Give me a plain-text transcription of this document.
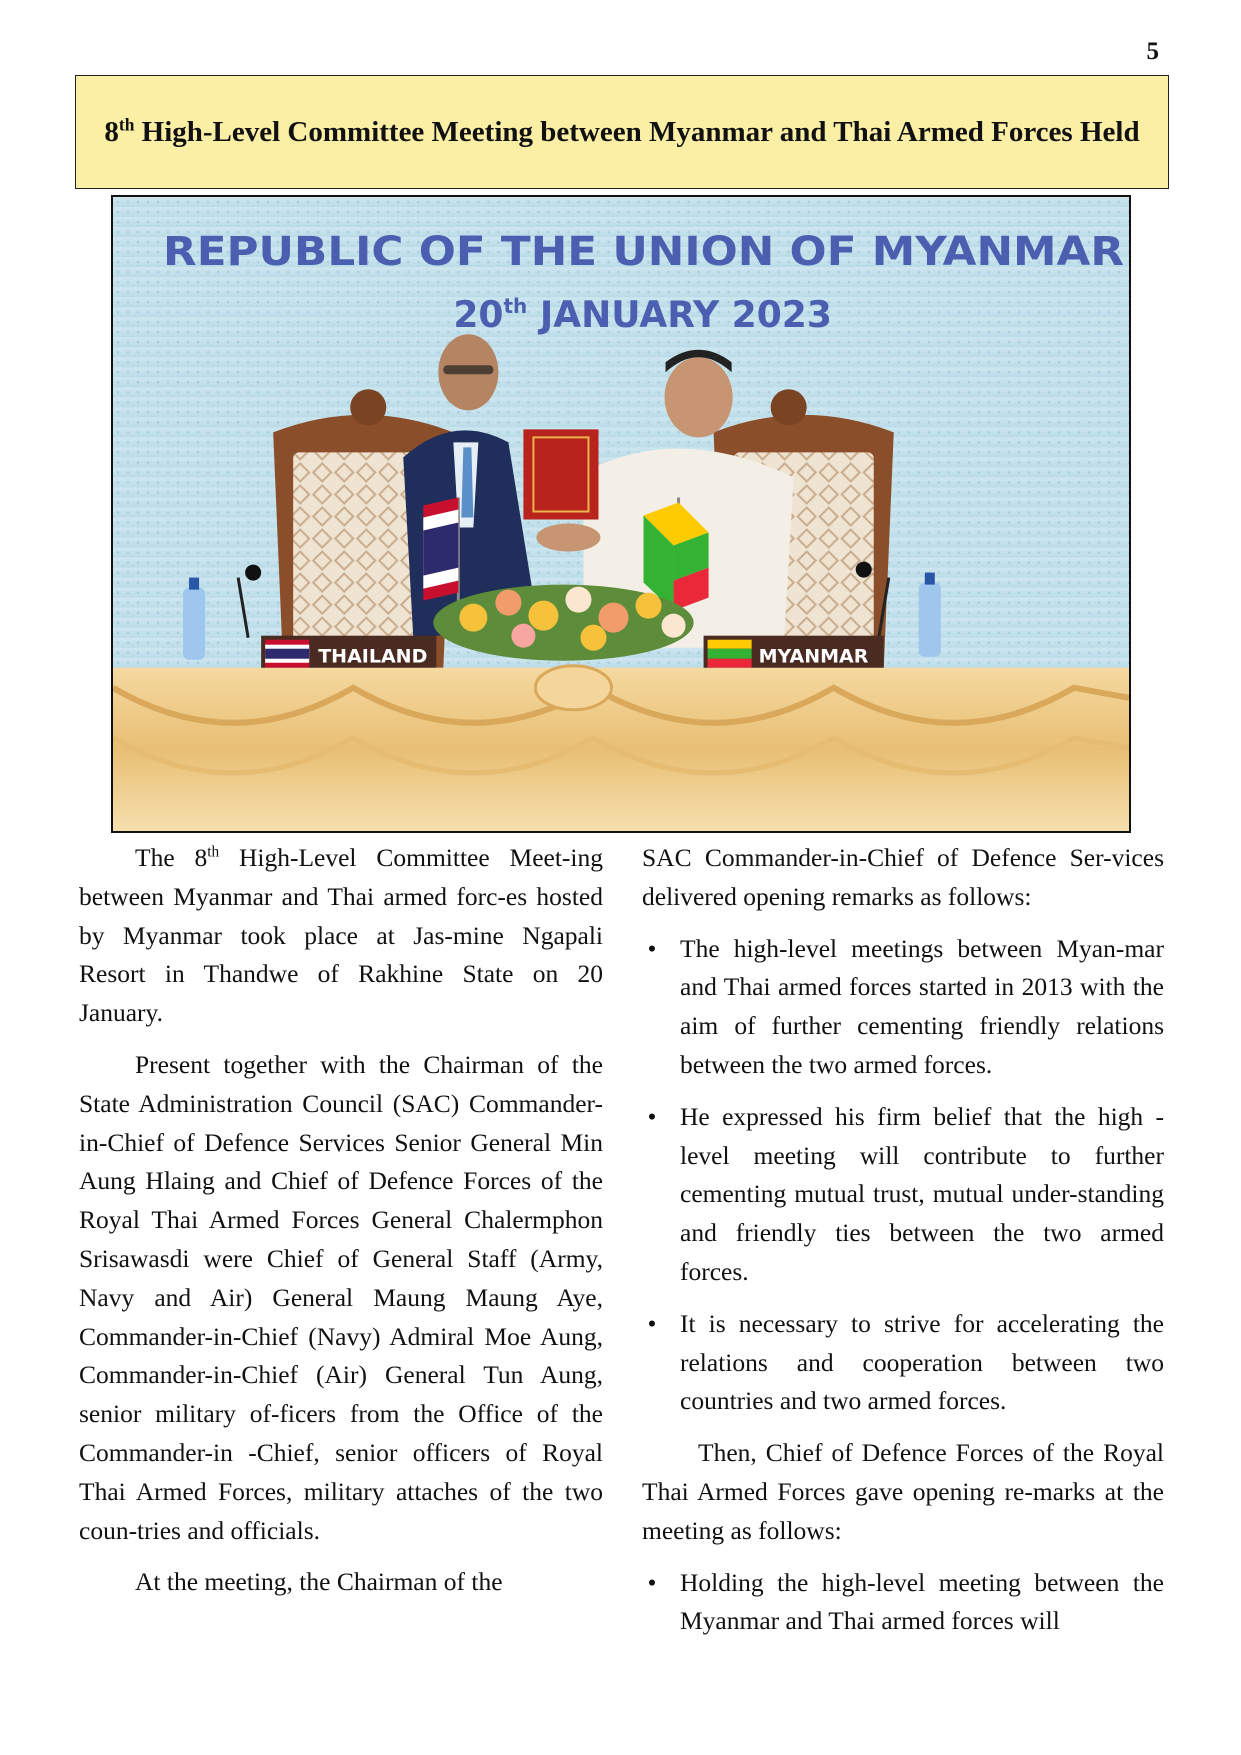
5
8th High-Level Committee Meeting between Myanmar and Thai Armed Forces Held
REPUBLIC OF THE UNION OF MYANMAR
20th JANUARY 2023
THAILAND	MYANMAR

The 8th High-Level Committee Meet-ing between Myanmar and Thai armed forc-es hosted by Myanmar took place at Jas-mine Ngapali Resort in Thandwe of Rakhine State on 20 January.

Present together with the Chairman of the State Administration Council (SAC) Commander-in-Chief of Defence Services Senior General Min Aung Hlaing and Chief of Defence Forces of the Royal Thai Armed Forces General Chalermphon Srisawasdi were Chief of General Staff (Army, Navy and Air) General Maung Maung Aye, Commander-in-Chief (Navy) Admiral Moe Aung, Commander-in-Chief (Air) General Tun Aung, senior military of-ficers from the Office of the Commander-in -Chief, senior officers of Royal Thai Armed Forces, military attaches of the two coun-tries and officials.

At the meeting, the Chairman of the

SAC Commander-in-Chief of Defence Ser-vices delivered opening remarks as follows:

• The high-level meetings between Myan-mar and Thai armed forces started in 2013 with the aim of further cementing friendly relations between the two armed forces.
• He expressed his firm belief that the high -level meeting will contribute to further cementing mutual trust, mutual under-standing and friendly ties between the two armed forces.
• It is necessary to strive for accelerating the relations and cooperation between two countries and two armed forces.

Then, Chief of Defence Forces of the Royal Thai Armed Forces gave opening re-marks at the meeting as follows:

• Holding the high-level meeting between the Myanmar and Thai armed forces will
